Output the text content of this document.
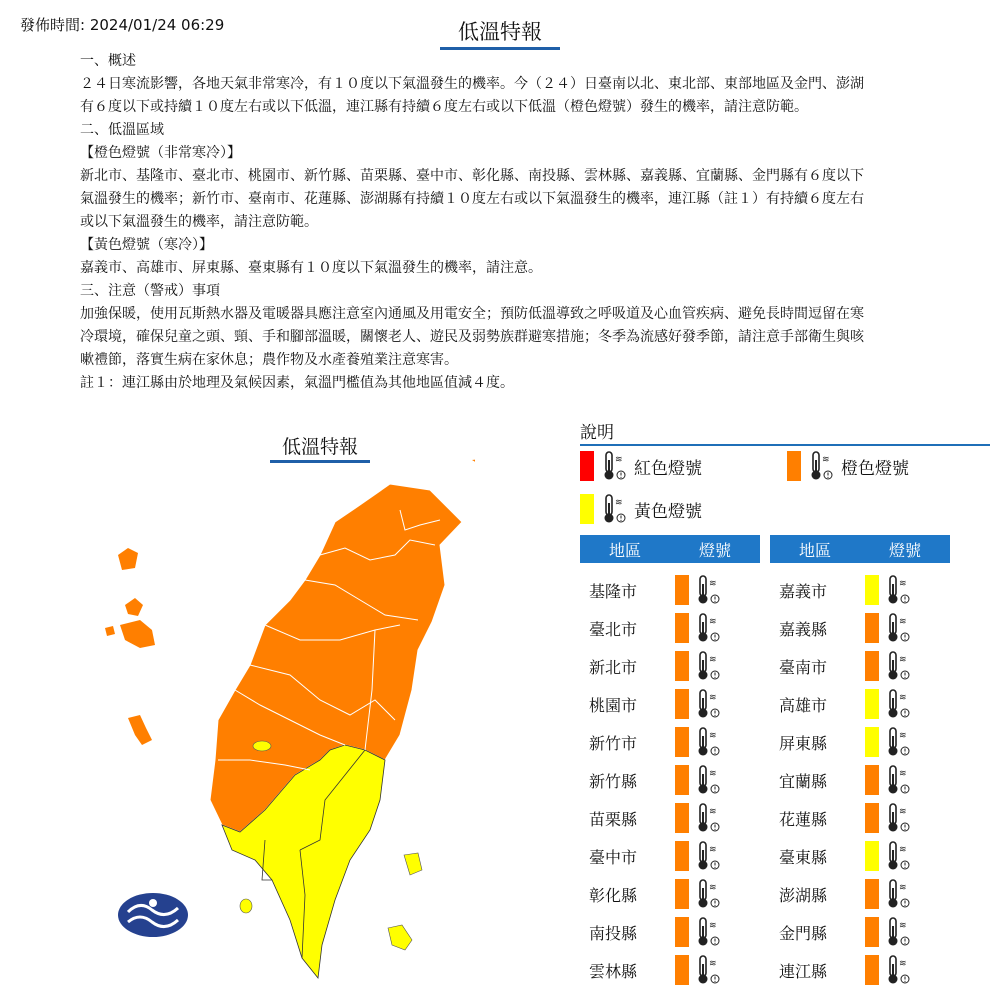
發佈時間: 2024/01/24 06:29	低溫特報

一、概述

２４日寒流影響，各地天氣非常寒冷，有１０度以下氣溫發生的機率。今（２４）日臺南以北、東北部、東部地區及金門、澎湖

有６度以下或持續１０度左右或以下低溫，連江縣有持續６度左右或以下低溫（橙色燈號）發生的機率，請注意防範。

二、低溫區域

【橙色燈號（非常寒冷）】

新北市、基隆市、臺北市、桃園市、新竹縣、苗栗縣、臺中市、彰化縣、南投縣、雲林縣、嘉義縣、宜蘭縣、金門縣有６度以下

氣溫發生的機率；新竹市、臺南市、花蓮縣、澎湖縣有持續１０度左右或以下氣溫發生的機率，連江縣（註１）有持續６度左右

或以下氣溫發生的機率，請注意防範。

【黃色燈號（寒冷）】

嘉義市、高雄市、屏東縣、臺東縣有１０度以下氣溫發生的機率，請注意。

三、注意（警戒）事項

加強保暖，使用瓦斯熱水器及電暖器具應注意室內通風及用電安全；預防低溫導致之呼吸道及心血管疾病、避免長時間逗留在寒

冷環境，確保兒童之頭、頸、手和腳部溫暖，關懷老人、遊民及弱勢族群避寒措施；冬季為流感好發季節，請注意手部衛生與咳

嗽禮節，落實生病在家休息；農作物及水產養殖業注意寒害。

註１：連江縣由於地理及氣候因素，氣溫門檻值為其他地區值減４度。

低溫特報
說明
≋ 紅色燈號	≋ 橙色燈號
≋ 黃色燈號
地區	燈號
基隆市	≋
臺北市	≋
新北市	≋
桃園市	≋
新竹市	≋
新竹縣	≋
苗栗縣	≋
臺中市	≋
彰化縣	≋
南投縣	≋
雲林縣	≋
地區	燈號
嘉義市	≋
嘉義縣	≋
臺南市	≋
高雄市	≋
屏東縣	≋
宜蘭縣	≋
花蓮縣	≋
臺東縣	≋
澎湖縣	≋
金門縣	≋
連江縣	≋
